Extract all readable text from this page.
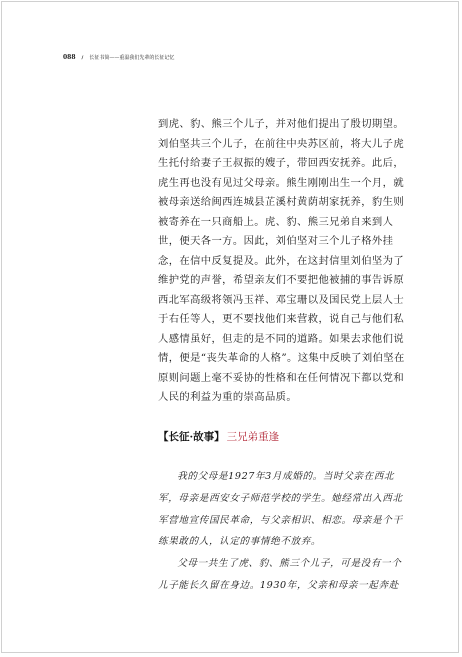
088 / 长征书简——重温我们先辈的长征记忆

到虎、豹、熊三个儿子，并对他们提出了殷切期望。刘伯坚共三个儿子，在前往中央苏区前，将大儿子虎生托付给妻子王叔振的嫂子，带回西安抚养。此后，虎生再也没有见过父母亲。熊生刚刚出生一个月，就被母亲送给闽西连城县芷溪村黄荫胡家抚养，豹生则被寄养在一只商船上。虎、豹、熊三兄弟自来到人世，便天各一方。因此，刘伯坚对三个儿子格外挂念，在信中反复提及。此外，在这封信里刘伯坚为了维护党的声誉，希望亲友们不要把他被捕的事告诉原西北军高级将领冯玉祥、邓宝珊以及国民党上层人士于右任等人，更不要找他们来营救，说自己与他们私人感情虽好，但走的是不同的道路。如果去求他们说情，便是“丧失革命的人格”。这集中反映了刘伯坚在原则问题上毫不妥协的性格和在任何情况下都以党和人民的利益为重的崇高品质。

【长征·故事】 三兄弟重逢

我的父母是1927年3月成婚的。当时父亲在西北军，母亲是西安女子师范学校的学生。她经常出入西北军营地宣传国民革命，与父亲相识、相恋。母亲是个干练果敢的人，认定的事情绝不放弃。

父母一共生了虎、豹、熊三个儿子，可是没有一个儿子能长久留在身边。1930年，父亲和母亲一起奔赴
